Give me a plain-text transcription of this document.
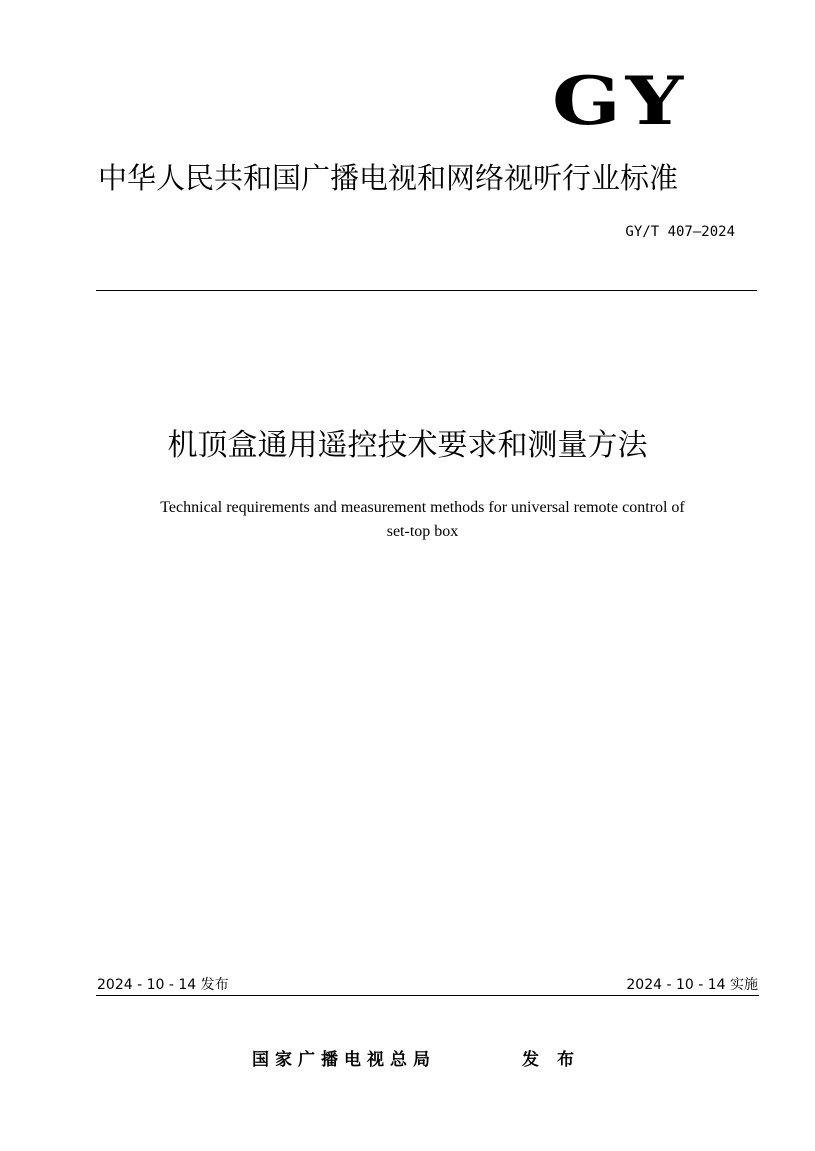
GY
中华人民共和国广播电视和网络视听行业标准
GY/T 407—2024
机顶盒通用遥控技术要求和测量方法
Technical requirements and measurement methods for universal remote control of
set-top box
2024 - 10 - 14 发布	2024 - 10 - 14 实施
国家广播电视总局	发 布
